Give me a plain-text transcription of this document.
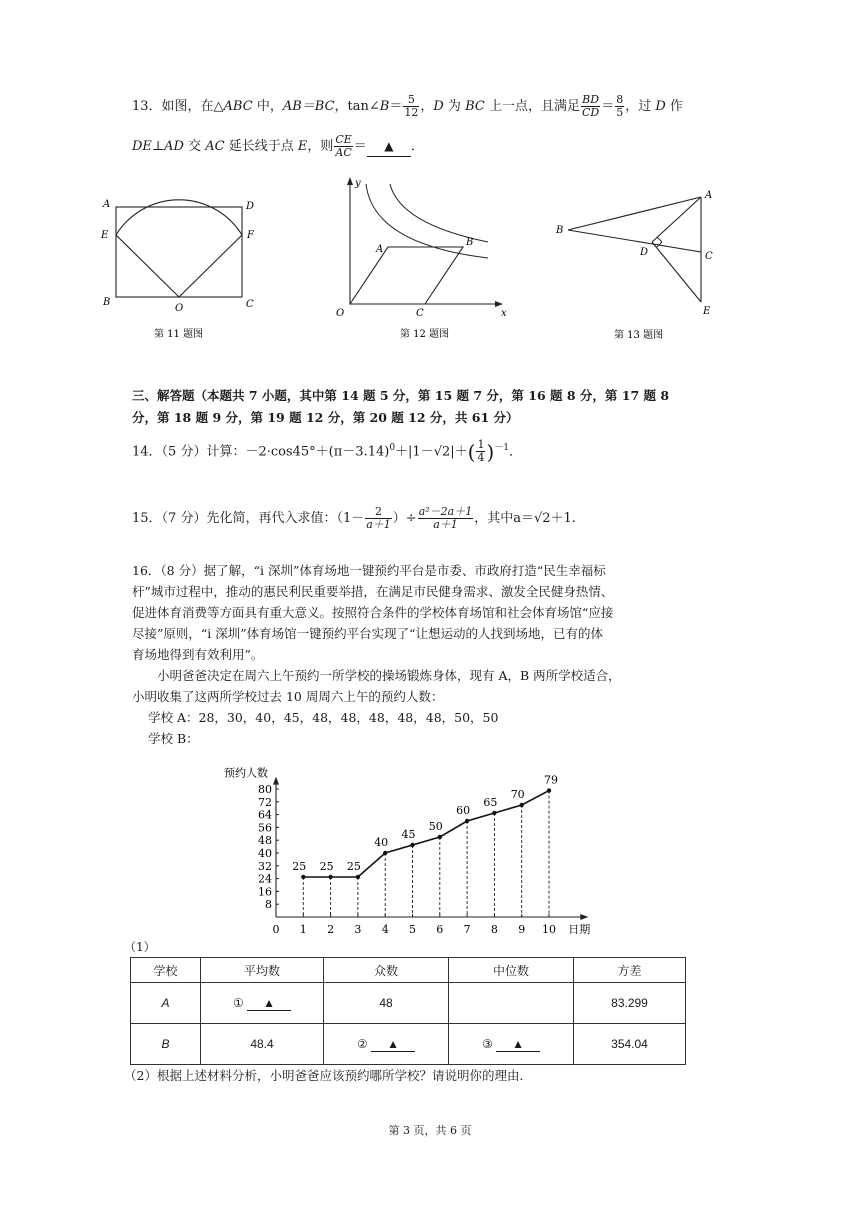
13．如图，在△ABC 中，AB＝BC，tan∠B＝ $\frac{5}{12}$ ，D 为 BC 上一点，且满足 $\frac{BD}{CD} = \frac{8}{5}$ ，过 D 作
DE⊥AD 交 AC 延长线于点 E，则 $\frac{CE}{AC}$ ＝ ▲ ．
A	D
E	F
B
O	C
第 11 题图
y
A
B
O	C	x
第 12 题图
A
B
D	C
E
第 13 题图
三、解答题（本题共 7 小题，其中第 14 题 5 分，第 15 题 7 分，第 16 题 8 分，第 17 题 8
分，第 18 题 9 分，第 19 题 12 分，第 20 题 12 分，共 61 分）
14．（5 分）计算：$-2\cdot\cos 45^\circ+(\pi-3.14)^0+|1-√2|+( \frac{1}{4} )^{-1}$．
15．（7 分）先化简，再代入求值：（$1- \frac{2}{a+1}$ ）÷ $\frac{\text{a²－2a＋1}}{a+1}$ ，其中a＝√2＋1.
16．（8 分）据了解，“i 深圳”体育场地一键预约平台是市委、市政府打造“民生幸福标
杆”城市过程中，推动的惠民利民重要举措，在满足市民健身需求、激发全民健身热情、
促进体育消费等方面具有重大意义。按照符合条件的学校体育场馆和社会体育场馆“应接
尽接”原则，“i 深圳”体育场馆一键预约平台实现了“让想运动的人找到场地，已有的体
育场地得到有效利用”。
　　小明爸爸决定在周六上午预约一所学校的操场锻炼身体，现有 A，B 两所学校适合，
小明收集了这两所学校过去 10 周周六上午的预约人数：
学校 A：28，30，40，45，48，48，48，48，48，50，50
学校 B：
8
16
24
32
40
48
56
64
72
80
1 2 3 4 5 6 7 8 9 10
0
预约人数
日期
25 25 25
40
45
50
60
65
70
79
（1）
学校	平均数	众数	中位数	方差
A	① ▲	48		83.299
B	48.4	② ▲	③ ▲	354.04
（2）根据上述材料分析，小明爸爸应该预约哪所学校？请说明你的理由．
第 3 页，共 6 页
